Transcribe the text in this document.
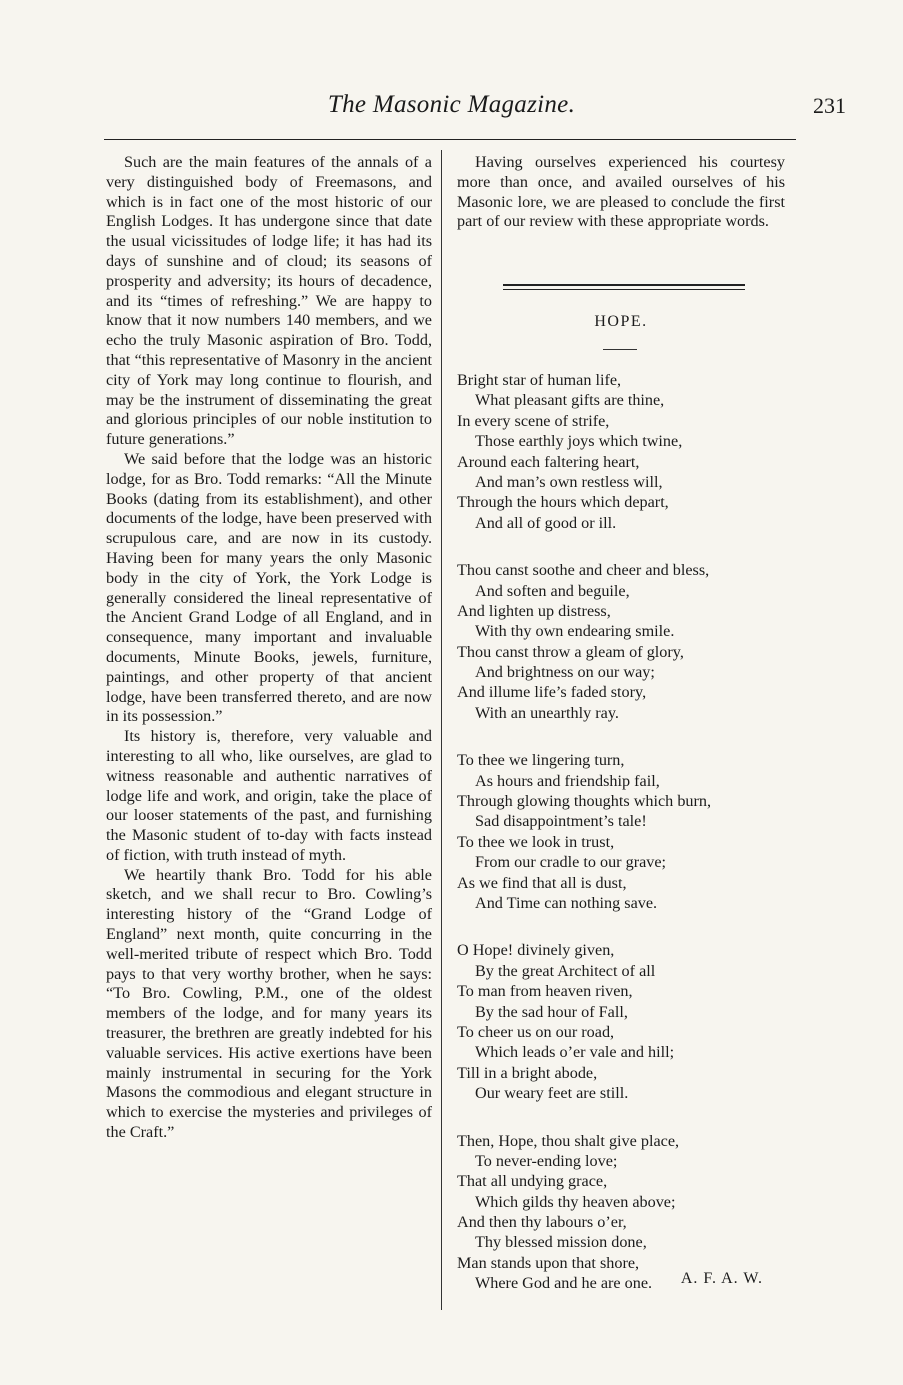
The Masonic Magazine.	231

Such are the main features of the annals of a very distinguished body of Freemasons, and which is in fact one of the most historic of our English Lodges. It has undergone since that date the usual vicissitudes of lodge life; it has had its days of sunshine and of cloud; its seasons of prosperity and adversity; its hours of decadence, and its “times of refreshing.” We are happy to know that it now numbers 140 members, and we echo the truly Masonic aspiration of Bro. Todd, that “this representative of Masonry in the ancient city of York may long continue to flourish, and may be the instrument of disseminating the great and glorious principles of our noble institution to future generations.”

We said before that the lodge was an historic lodge, for as Bro. Todd remarks: “All the Minute Books (dating from its establishment), and other documents of the lodge, have been preserved with scrupulous care, and are now in its custody. Having been for many years the only Masonic body in the city of York, the York Lodge is generally considered the lineal representative of the Ancient Grand Lodge of all England, and in consequence, many important and invaluable documents, Minute Books, jewels, furniture, paintings, and other property of that ancient lodge, have been transferred thereto, and are now in its possession.”

Its history is, therefore, very valuable and interesting to all who, like ourselves, are glad to witness reasonable and authentic narratives of lodge life and work, and origin, take the place of our looser statements of the past, and furnishing the Masonic student of to-day with facts instead of fiction, with truth instead of myth.

We heartily thank Bro. Todd for his able sketch, and we shall recur to Bro. Cowling’s interesting history of the “Grand Lodge of England” next month, quite concurring in the well-merited tribute of respect which Bro. Todd pays to that very worthy brother, when he says: “To Bro. Cowling, P.M., one of the oldest members of the lodge, and for many years its treasurer, the brethren are greatly indebted for his valuable services. His active exertions have been mainly instrumental in securing for the York Masons the commodious and elegant structure in which to exercise the mysteries and privileges of the Craft.”

Having ourselves experienced his courtesy more than once, and availed ourselves of his Masonic lore, we are pleased to conclude the first part of our review with these appropriate words.

HOPE.
Bright star of human life,
What pleasant gifts are thine,
In every scene of strife,
Those earthly joys which twine,
Around each faltering heart,
And man’s own restless will,
Through the hours which depart,
And all of good or ill.
Thou canst soothe and cheer and bless,
And soften and beguile,
And lighten up distress,
With thy own endearing smile.
Thou canst throw a gleam of glory,
And brightness on our way;
And illume life’s faded story,
With an unearthly ray.
To thee we lingering turn,
As hours and friendship fail,
Through glowing thoughts which burn,
Sad disappointment’s tale!
To thee we look in trust,
From our cradle to our grave;
As we find that all is dust,
And Time can nothing save.
O Hope! divinely given,
By the great Architect of all
To man from heaven riven,
By the sad hour of Fall,
To cheer us on our road,
Which leads o’er vale and hill;
Till in a bright abode,
Our weary feet are still.
Then, Hope, thou shalt give place,
To never-ending love;
That all undying grace,
Which gilds thy heaven above;
And then thy labours o’er,
Thy blessed mission done,
Man stands upon that shore,
Where God and he are one.	A. F. A. W.
